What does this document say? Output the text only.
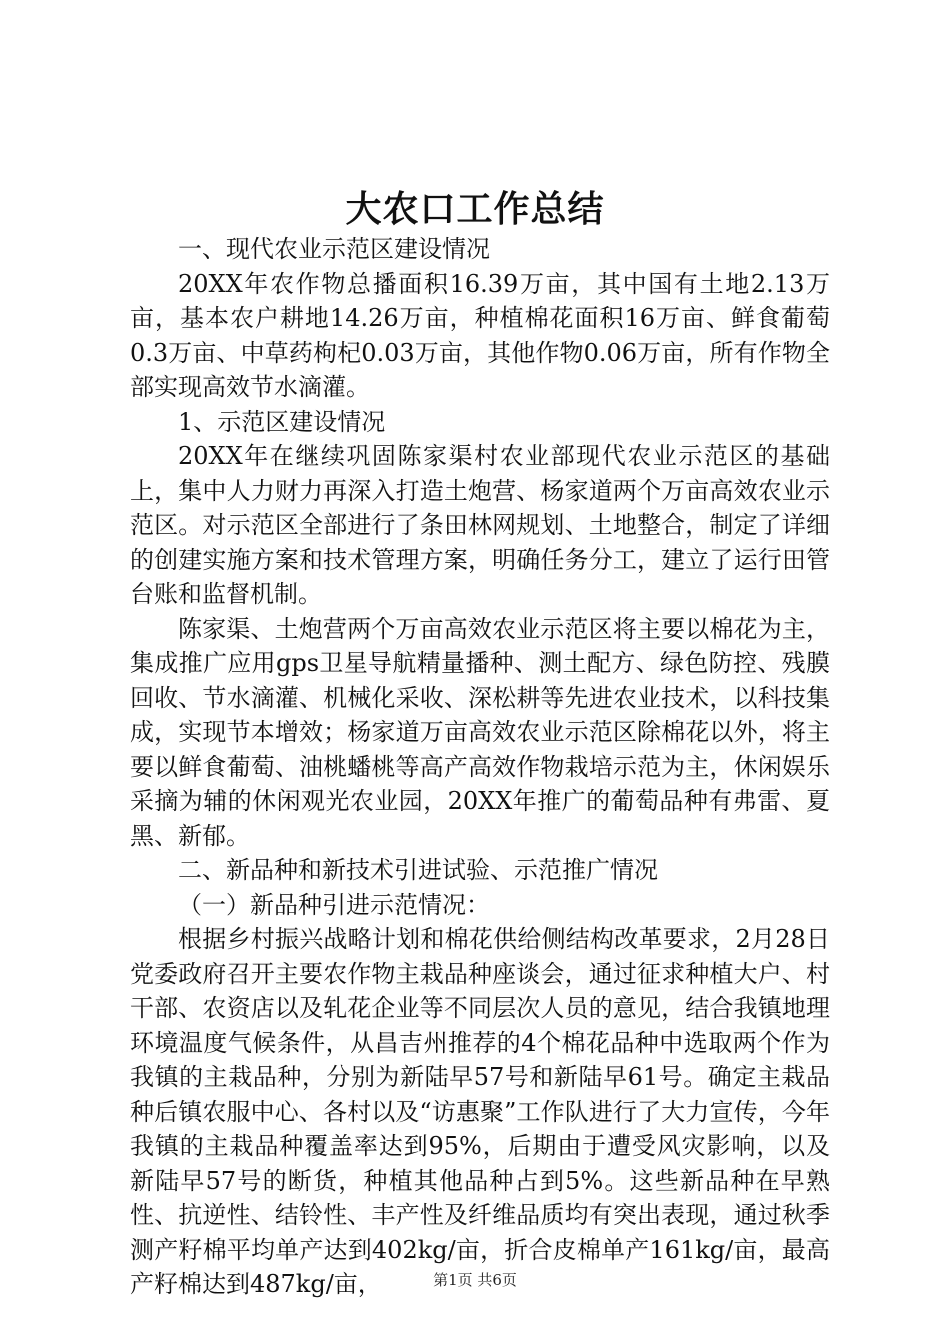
大农口工作总结

一、现代农业示范区建设情况

20XX年农作物总播面积16.39万亩，其中国有土地2.13万亩，基本农户耕地14.26万亩，种植棉花面积16万亩、鲜食葡萄0.3万亩、中草药枸杞0.03万亩，其他作物0.06万亩，所有作物全部实现高效节水滴灌。

1、示范区建设情况

20XX年在继续巩固陈家渠村农业部现代农业示范区的基础上，集中人力财力再深入打造土炮营、杨家道两个万亩高效农业示范区。对示范区全部进行了条田林网规划、土地整合，制定了详细的创建实施方案和技术管理方案，明确任务分工，建立了运行田管台账和监督机制。

陈家渠、土炮营两个万亩高效农业示范区将主要以棉花为主，集成推广应用gps卫星导航精量播种、测土配方、绿色防控、残膜回收、节水滴灌、机械化采收、深松耕等先进农业技术，以科技集成，实现节本增效；杨家道万亩高效农业示范区除棉花以外，将主要以鲜食葡萄、油桃蟠桃等高产高效作物栽培示范为主，休闲娱乐采摘为辅的休闲观光农业园，20XX年推广的葡萄品种有弗雷、夏黑、新郁。

二、新品种和新技术引进试验、示范推广情况

（一）新品种引进示范情况：

根据乡村振兴战略计划和棉花供给侧结构改革要求，2月28日党委政府召开主要农作物主栽品种座谈会，通过征求种植大户、村干部、农资店以及轧花企业等不同层次人员的意见，结合我镇地理环境温度气候条件，从昌吉州推荐的4个棉花品种中选取两个作为我镇的主栽品种，分别为新陆早57号和新陆早61号。确定主栽品种后镇农服中心、各村以及“访惠聚”工作队进行了大力宣传，今年我镇的主栽品种覆盖率达到95%，后期由于遭受风灾影响，以及新陆早57号的断货，种植其他品种占到5%。这些新品种在早熟性、抗逆性、结铃性、丰产性及纤维品质均有突出表现，通过秋季测产籽棉平均单产达到402kg/亩，折合皮棉单产161kg/亩，最高产籽棉达到487kg/亩，	第1页 共6页
